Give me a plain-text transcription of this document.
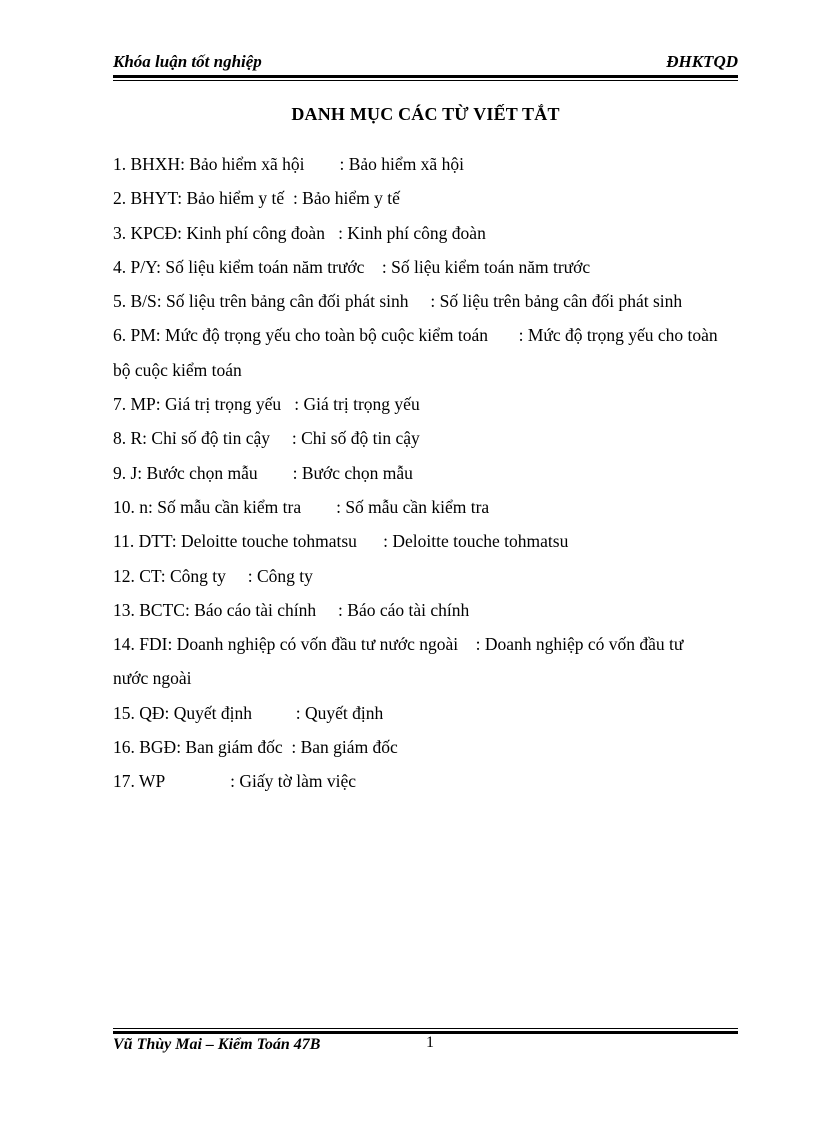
Khóa luận tốt nghiệp	ĐHKTQD
DANH MỤC CÁC TỪ VIẾT TẮT
1. BHXH: Bảo hiểm xã hội        : Bảo hiểm xã hội
2. BHYT: Bảo hiểm y tế  : Bảo hiểm y tế
3. KPCĐ: Kinh phí công đoàn   : Kinh phí công đoàn
4. P/Y: Số liệu kiểm toán năm trước    : Số liệu kiểm toán năm trước
5. B/S: Số liệu trên bảng cân đối phát sinh     : Số liệu trên bảng cân đối phát sinh
6. PM: Mức độ trọng yếu cho toàn bộ cuộc kiểm toán       : Mức độ trọng yếu cho toàn bộ cuộc kiểm toán
7. MP: Giá trị trọng yếu   : Giá trị trọng yếu
8. R: Chỉ số độ tin cậy     : Chỉ số độ tin cậy
9. J: Bước chọn mẫu        : Bước chọn mẫu
10. n: Số mẫu cần kiểm tra        : Số mẫu cần kiểm tra
11. DTT: Deloitte touche tohmatsu      : Deloitte touche tohmatsu
12. CT: Công ty     : Công ty
13. BCTC: Báo cáo tài chính     : Báo cáo tài chính
14. FDI: Doanh nghiệp có vốn đầu tư nước ngoài    : Doanh nghiệp có vốn đầu tư nước ngoài
15. QĐ: Quyết định          : Quyết định
16. BGĐ: Ban giám đốc  : Ban giám đốc
17. WP               : Giấy tờ làm việc
Vũ Thùy Mai – Kiểm Toán 47B	1
